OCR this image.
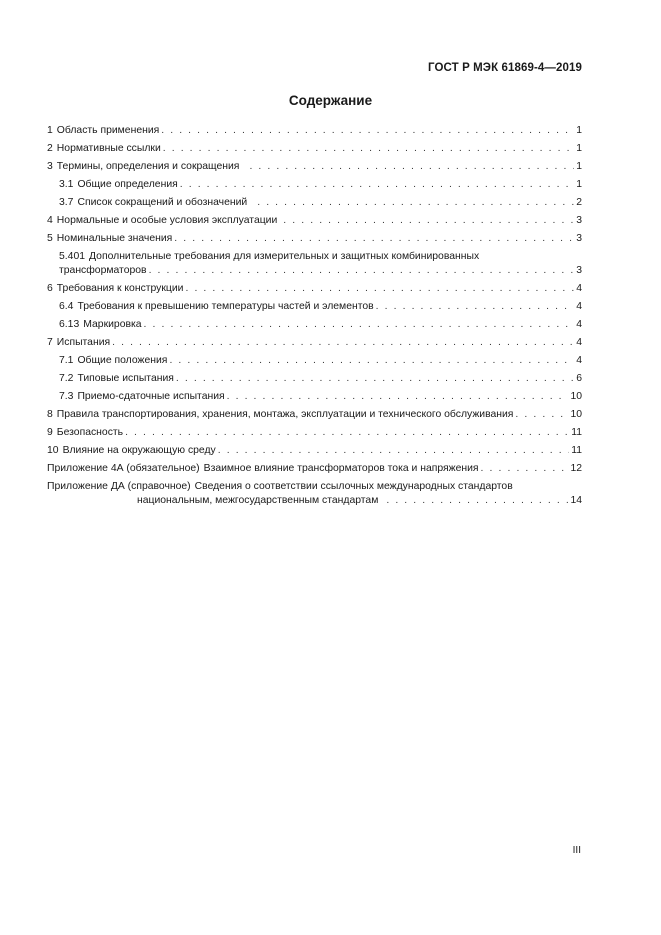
ГОСТ Р МЭК 61869-4—2019
Содержание
1 Область применения . . .	1
2 Нормативные ссылки . . .	1
3 Термины, определения и сокращения . . .	1
3.1 Общие определения . . .	1
3.7 Список сокращений и обозначений . . .	2
4 Нормальные и особые условия эксплуатации . . .	3
5 Номинальные значения . . .	3
5.401 Дополнительные требования для измерительных и защитных комбинированных
трансформаторов . . .	3
6 Требования к конструкции . . .	4
6.4 Требования к превышению температуры частей и элементов . . .	4
6.13 Маркировка . . .	4
7 Испытания . . .	4
7.1 Общие положения . . .	4
7.2 Типовые испытания . . .	6
7.3 Приемо-сдаточные испытания . . .	10
8 Правила транспортирования, хранения, монтажа, эксплуатации и технического обслуживания . . .	10
9 Безопасность . . .	11
10 Влияние на окружающую среду . . .	11
Приложение 4А (обязательное) Взаимное влияние трансформаторов тока и напряжения . . .	12
Приложение ДА (справочное) Сведения о соответствии ссылочных международных стандартов
национальным, межгосударственным стандартам . . .	14
III
